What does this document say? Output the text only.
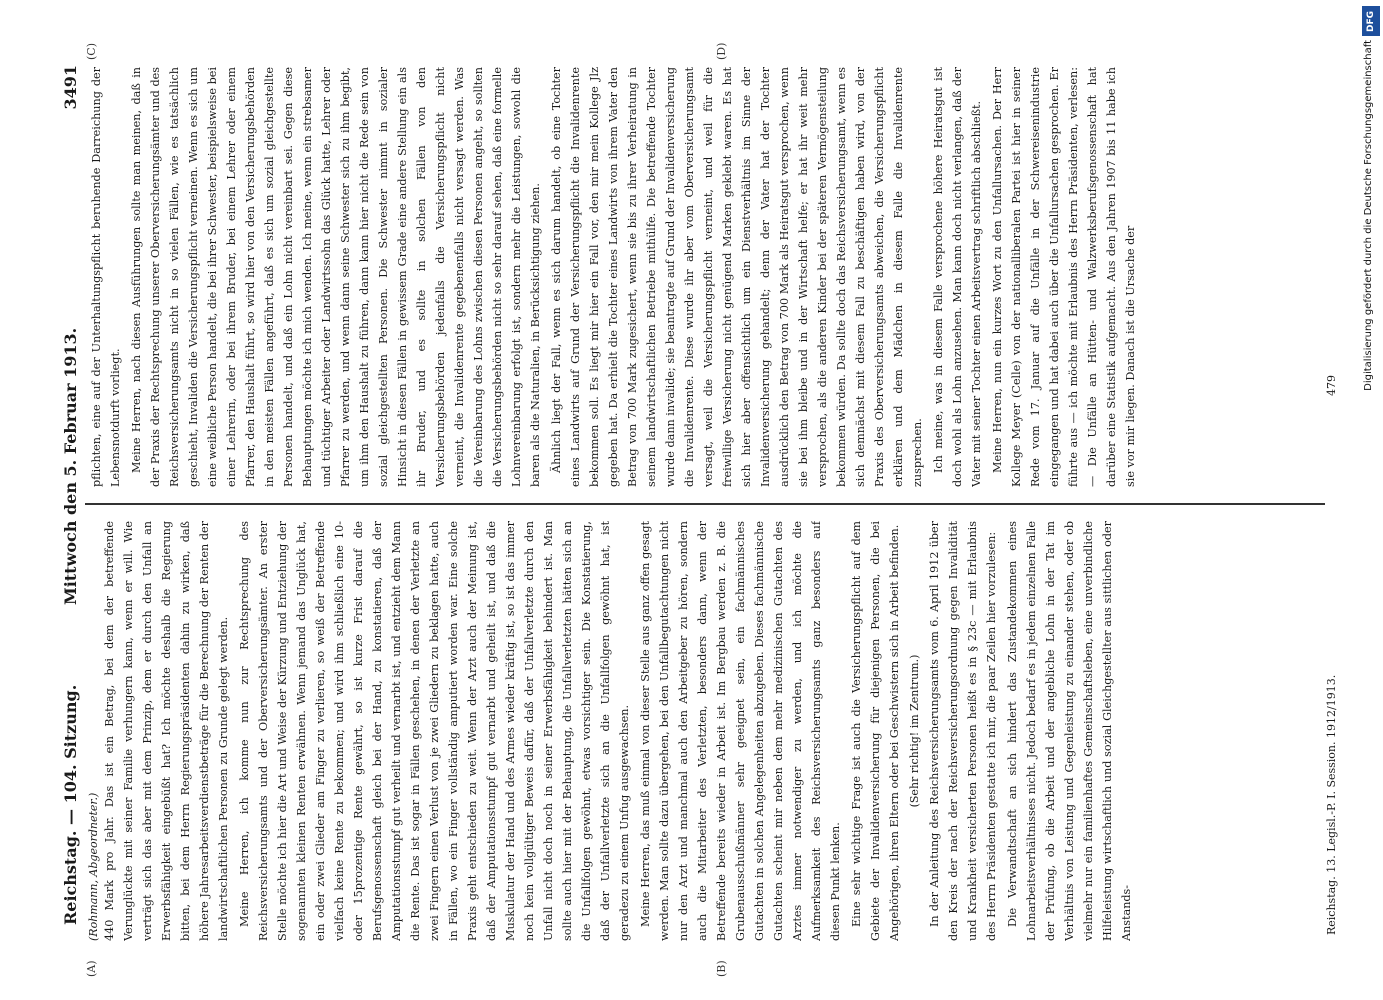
Reichstag. — 104. Sitzung.
Mittwoch den 5. Februar 1913.
3491
(Rohmann, Abgeordneter.) 440 Mark pro Jahr. Das ist ein Betrag, bei dem der betreffende Verunglückte mit seiner Familie verhungern kann, wenn er will. Wie verträgt sich das aber mit dem Prinzip, dem er durch den Unfall an Erwerbsfähigkeit eingebüßt hat? Ich möchte deshalb die Regierung bitten, bei dem Herrn Regierungspräsidenten dahin zu wirken, daß höhere Jahresarbeitsverdienstbeträge für die Berechnung der Renten der landwirtschaftlichen Personen zu Grunde gelegt werden. Meine Herren, ich komme nun zur Rechtsprechung des Reichsversicherungsamts und der Oberversicherungsämter. An erster Stelle möchte ich hier die Art und Weise der Kürzung und Entziehung der sogenannten kleinen Renten erwähnen. Wenn jemand das Unglück hat, ein oder zwei Glieder am Finger zu verlieren, so weiß der Betreffende vielfach keine Rente zu bekommen; und wird ihm schließlich eine 10- oder 15prozentige Rente gewährt, so ist kurze Frist darauf die Berufsgenossenschaft gleich bei der Hand, zu konstatieren, daß der Amputationsstumpf gut verheilt und vernarbt ist, und entzieht dem Mann die Rente. Das ist sogar in Fällen geschehen, in denen der Verletzte an zwei Fingern einen Verlust von je zwei Gliedern zu beklagen hatte, auch in Fällen, wo ein Finger vollständig amputiert worden war. Eine solche Praxis geht entschieden zu weit. Wenn der Arzt auch der Meinung ist, daß der Amputationsstumpf gut vernarbt und geheilt ist, und daß die Muskulatur der Hand und des Armes wieder kräftig ist, so ist das immer noch kein vollgültiger Beweis dafür, daß der Unfallverletzte durch den Unfall nicht doch noch in seiner Erwerbsfähigkeit behindert ist. Man sollte auch hier mit der Behauptung, die Unfallverletzten hätten sich an die Unfallfolgen gewöhnt, etwas vorsichtiger sein. Die Konstatierung, daß der Unfallverletzte sich an die Unfallfolgen gewöhnt hat, ist geradezu zu einem Unfug ausgewachsen. Meine Herren, das muß einmal von dieser Stelle aus ganz offen gesagt werden. Man sollte dazu übergehen, bei den Unfallbegutachtungen nicht nur den Arzt und manchmal auch den Arbeitgeber zu hören, sondern auch die Mitarbeiter des Verletzten, besonders dann, wenn der Betreffende bereits wieder in Arbeit ist. Im Bergbau werden z. B. die Grubenausschußmänner sehr geeignet sein, ein fachmännisches Gutachten in solchen Angelegenheiten abzugeben. Dieses fachmännische Gutachten scheint mir neben dem mehr medizinischen Gutachten des Arztes immer notwendiger zu werden, und ich möchte die Aufmerksamkeit des Reichsversicherungsamts ganz besonders auf diesen Punkt lenken. Eine sehr wichtige Frage ist auch die Versicherungspflicht auf dem Gebiete der Invalidenversicherung für diejenigen Personen, die bei Angehörigen, ihren Eltern oder bei Geschwistern sich in Arbeit befinden. (Sehr richtig! im Zentrum.) In der Anleitung des Reichsversicherungsamts vom 6. April 1912 über den Kreis der nach der Reichsversicherungsordnung gegen Invalidität und Krankheit versicherten Personen heißt es in § 23c — mit Erlaubnis des Herrn Präsidenten gestatte ich mir, die paar Zeilen hier vorzulesen: Die Verwandtschaft an sich hindert das Zustandekommen eines Lohnarbeitsverhältnisses nicht. Jedoch bedarf es in jedem einzelnen Falle der Prüfung, ob die Arbeit und der angebliche Lohn in der Tat im Verhältnis von Leistung und Gegenleistung zu einander stehen, oder ob vielmehr nur ein familienhaftes Gemeinschaftsleben, eine unverbindliche Hilfeleistung wirtschaftlich und sozial Gleichgestellter aus sittlichen oder Anstands-

pflichten, eine auf der Unterhaltungspflicht beruhende Darreichung der Lebensnotdurft vorliegt. Meine Herren, nach diesen Ausführungen sollte man meinen, daß in der Praxis der Rechtsprechung unserer Oberversicherungsämter und des Reichsversicherungsamts nicht in so vielen Fällen, wie es tatsächlich geschieht, Invaliden die Versicherungspflicht verneinen. Wenn es sich um eine weibliche Person handelt, die bei ihrer Schwester, beispielsweise bei einer Lehrerin, oder bei ihrem Bruder, bei einem Lehrer oder einem Pfarrer, den Haushalt führt, so wird hier von den Versicherungsbehörden in den meisten Fällen angeführt, daß es sich um sozial gleichgestellte Personen handelt, und daß ein Lohn nicht vereinbart sei. Gegen diese Behauptungen möchte ich mich wenden. Ich meine, wenn ein strebsamer und tüchtiger Arbeiter oder Landwirtssohn das Glück hatte, Lehrer oder Pfarrer zu werden, und wenn dann seine Schwester sich zu ihm begibt, um ihm den Haushalt zu führen, dann kann hier nicht die Rede sein von sozial gleichgestellten Personen. Die Schwester nimmt in sozialer Hinsicht in diesen Fällen in gewissem Grade eine andere Stellung ein als ihr Bruder, und es sollte in solchen Fällen von den Versicherungsbehörden jedenfalls die Versicherungspflicht nicht verneint, die Invalidenrente gegebenenfalls nicht versagt werden. Was die Vereinbarung des Lohns zwischen diesen Personen angeht, so sollten die Versicherungsbehörden nicht so sehr darauf sehen, daß eine formelle Lohnvereinbarung erfolgt ist, sondern mehr die Leistungen, sowohl die baren als die Naturalien, in Berücksichtigung ziehen. Ähnlich liegt der Fall, wenn es sich darum handelt, ob eine Tochter eines Landwirts auf Grund der Versicherungspflicht die Invalidenrente bekommen soll. Es liegt mir hier ein Fall vor, den mir mein Kollege Jlz gegeben hat. Da erhielt die Tochter eines Landwirts von ihrem Vater den Betrag von 700 Mark zugesichert, wenn sie bis zu ihrer Verheiratung in seinem landwirtschaftlichen Betriebe mithülfe. Die betreffende Tochter wurde dann invalide; sie beantragte auf Grund der Invalidenversicherung die Invalidenrente. Diese wurde ihr aber vom Oberversicherungsamt versagt, weil die Versicherungspflicht verneint, und weil für die freiwillige Versicherung nicht genügend Marken geklebt waren. Es hat sich hier aber offensichtlich um ein Dienstverhältnis im Sinne der Invalidenversicherung gehandelt; denn der Vater hat der Tochter ausdrücklich den Betrag von 700 Mark als Heiratsgut versprochen, wenn sie bei ihm bleibe und in der Wirtschaft helfe; er hat ihr weit mehr versprochen, als die anderen Kinder bei der späteren Vermögensteilung bekommen würden. Da sollte doch das Reichsversicherungsamt, wenn es sich demnächst mit diesem Fall zu beschäftigen haben wird, von der Praxis des Oberversicherungsamts abweichen, die Versicherungspflicht erklären und dem Mädchen in diesem Falle die Invalidenrente zusprechen. Ich meine, was in diesem Falle versprochene höhere Heiratsgut ist doch wohl als Lohn anzusehen. Man kann doch nicht verlangen, daß der Vater mit seiner Tochter einen Arbeitsvertrag schriftlich abschließt. Meine Herren, nun ein kurzes Wort zu den Unfallursachen. Der Herr Kollege Meyer (Celle) von der nationalliberalen Partei ist hier in seiner Rede vom 17. Januar auf die Unfälle in der Schwereisenindustrie eingegangen und hat dabei auch über die Unfallursachen gesprochen. Er führte aus — ich möchte mit Erlaubnis des Herrn Präsidenten, verlesen: — Die Unfälle an Hütten- und Walzwerksberufsgenossenschaft hat darüber eine Statistik aufgemacht. Aus den Jahren 1907 bis 11 habe ich sie vor mir liegen. Danach ist die Ursache der

(A)	(B)
(C)	(D)
Reichstag. 13. Legisl.-P. I. Session. 1912/1913.
479
DFG
Digitalisierung gefördert durch die Deutsche Forschungsgemeinschaft
